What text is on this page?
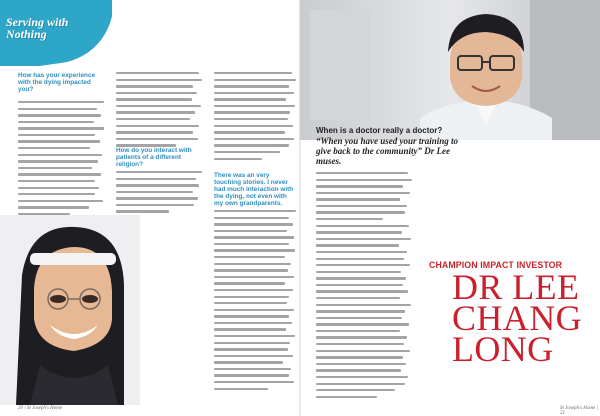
Serving with Nothing
How has your experience with the dying impacted you?
How do you interact with patients of a different religion?
There was an very touching stories. I never had much interaction with the dying, not even with my own grandparents.
20 | St Joseph's Home
When is a doctor really a doctor?
“When you have used your training to give back to the community” Dr Lee muses.
CHAMPION IMPACT INVESTOR
DR LEE
CHANG
LONG
St Joseph's Home | 21
